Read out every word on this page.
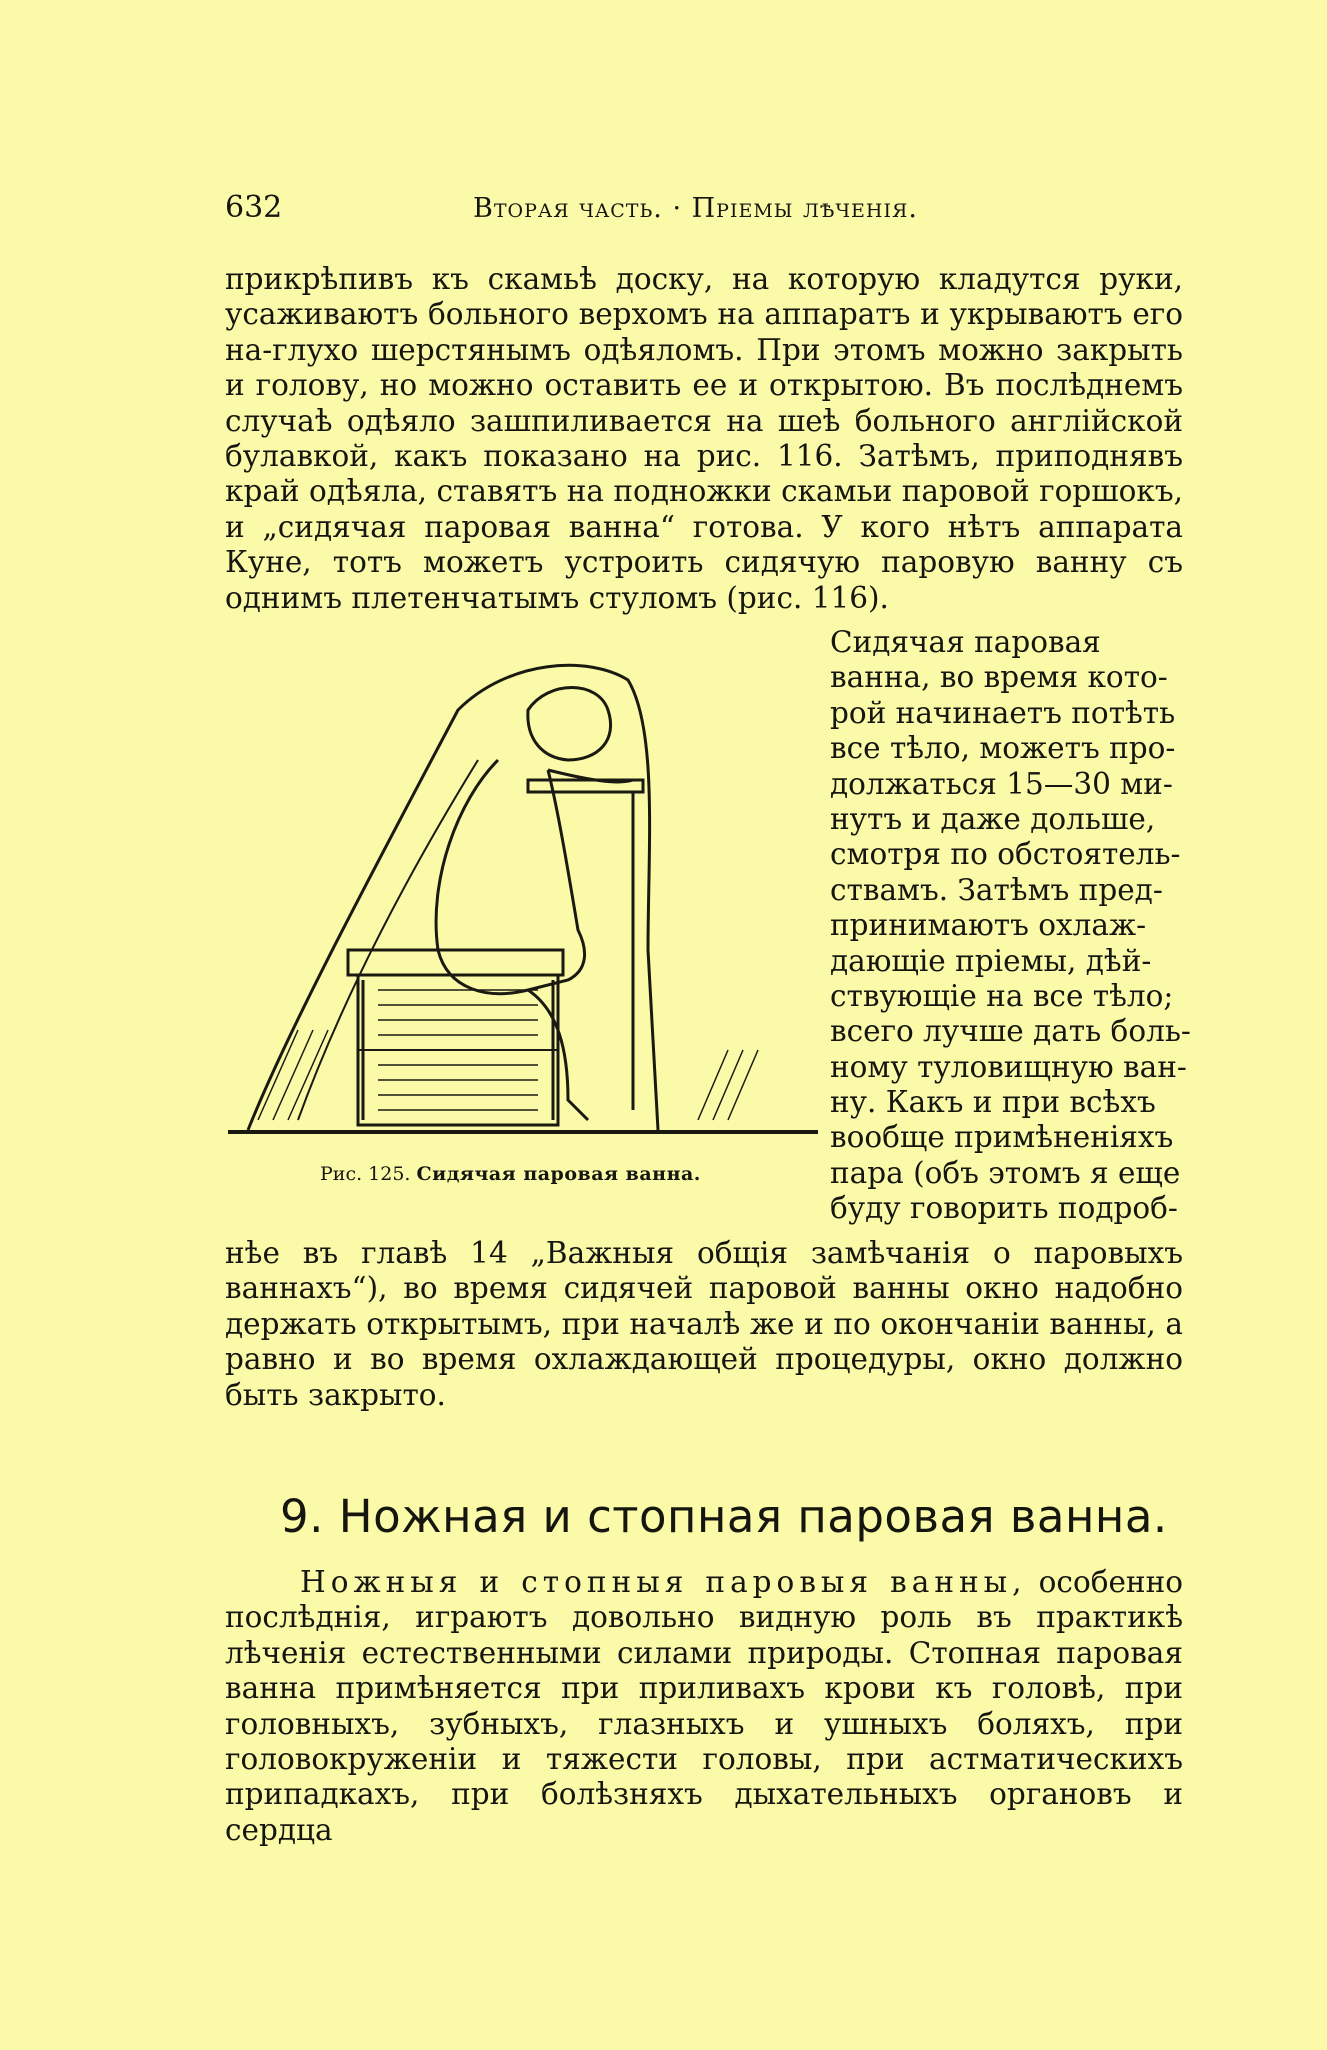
632	Вторая часть. · Пріемы лѣченія.

прикрѣпивъ къ скамьѣ доску, на которую кладутся руки, усаживаютъ больного верхомъ на аппаратъ и укрываютъ его на-глухо шерстянымъ одѣяломъ. При этомъ можно закрыть и голову, но можно оставить ее и открытою. Въ послѣднемъ случаѣ одѣяло зашпиливается на шеѣ больного англійской булавкой, какъ показано на рис. 116. Затѣмъ, приподнявъ край одѣяла, ставятъ на подножки скамьи паровой горшокъ, и „сидячая паровая ванна“ готова. У кого нѣтъ аппарата Куне, тотъ можетъ устроить сидячую паровую ванну съ однимъ плетенчатымъ стуломъ (рис. 116).

Рис. 125. Сидячая паровая ванна.
Сидячая паровая
ванна, во время кото-
рой начинаетъ потѣть
все тѣло, можетъ про-
должаться 15—30 ми-
нутъ и даже дольше,
смотря по обстоятель-
ствамъ. Затѣмъ пред-
принимаютъ охлаж-
дающіе пріемы, дѣй-
ствующіе на все тѣло;
всего лучше дать боль-
ному туловищную ван-
ну. Какъ и при всѣхъ
вообще примѣненіяхъ
пара (объ этомъ я еще
буду говорить подроб-

нѣе въ главѣ 14 „Важныя общія замѣчанія о паровыхъ ваннахъ“), во время сидячей паровой ванны окно надобно держать открытымъ, при началѣ же и по окончаніи ванны, а равно и во время охлаждающей процедуры, окно должно быть закрыто.

9. Ножная и стопная паровая ванна.

Ножныя и стопныя паровыя ванны, особенно послѣднія, играютъ довольно видную роль въ практикѣ лѣченія естественными силами природы. Стопная паровая ванна примѣняется при приливахъ крови къ головѣ, при головныхъ, зубныхъ, глазныхъ и ушныхъ боляхъ, при головокруженіи и тяжести головы, при астматическихъ припадкахъ, при болѣзняхъ дыхательныхъ органовъ и сердца
